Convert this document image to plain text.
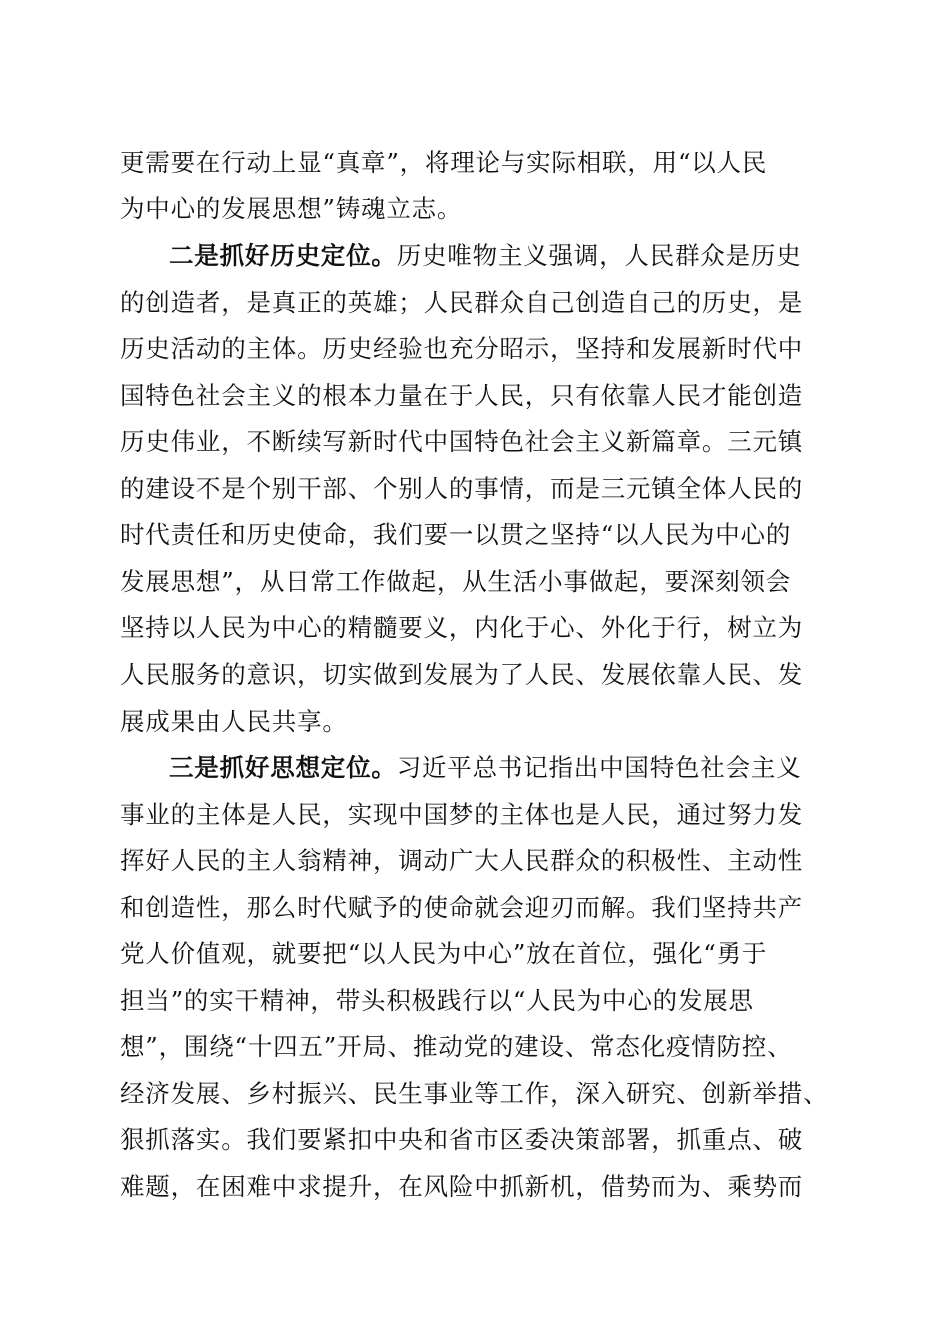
更需要在行动上显“真章”，将理论与实际相联，用“以人民
为中心的发展思想”铸魂立志。
二是抓好历史定位。历史唯物主义强调，人民群众是历史
的创造者，是真正的英雄；人民群众自己创造自己的历史，是
历史活动的主体。历史经验也充分昭示，坚持和发展新时代中
国特色社会主义的根本力量在于人民，只有依靠人民才能创造
历史伟业，不断续写新时代中国特色社会主义新篇章。三元镇
的建设不是个别干部、个别人的事情，而是三元镇全体人民的
时代责任和历史使命，我们要一以贯之坚持“以人民为中心的
发展思想”，从日常工作做起，从生活小事做起，要深刻领会
坚持以人民为中心的精髓要义，内化于心、外化于行，树立为
人民服务的意识，切实做到发展为了人民、发展依靠人民、发
展成果由人民共享。
三是抓好思想定位。习近平总书记指出中国特色社会主义
事业的主体是人民，实现中国梦的主体也是人民，通过努力发
挥好人民的主人翁精神，调动广大人民群众的积极性、主动性
和创造性，那么时代赋予的使命就会迎刃而解。我们坚持共产
党人价值观，就要把“以人民为中心”放在首位，强化“勇于
担当”的实干精神，带头积极践行以“人民为中心的发展思
想”，围绕“十四五”开局、推动党的建设、常态化疫情防控、
经济发展、乡村振兴、民生事业等工作，深入研究、创新举措、
狠抓落实。我们要紧扣中央和省市区委决策部署，抓重点、破
难题，在困难中求提升，在风险中抓新机，借势而为、乘势而
